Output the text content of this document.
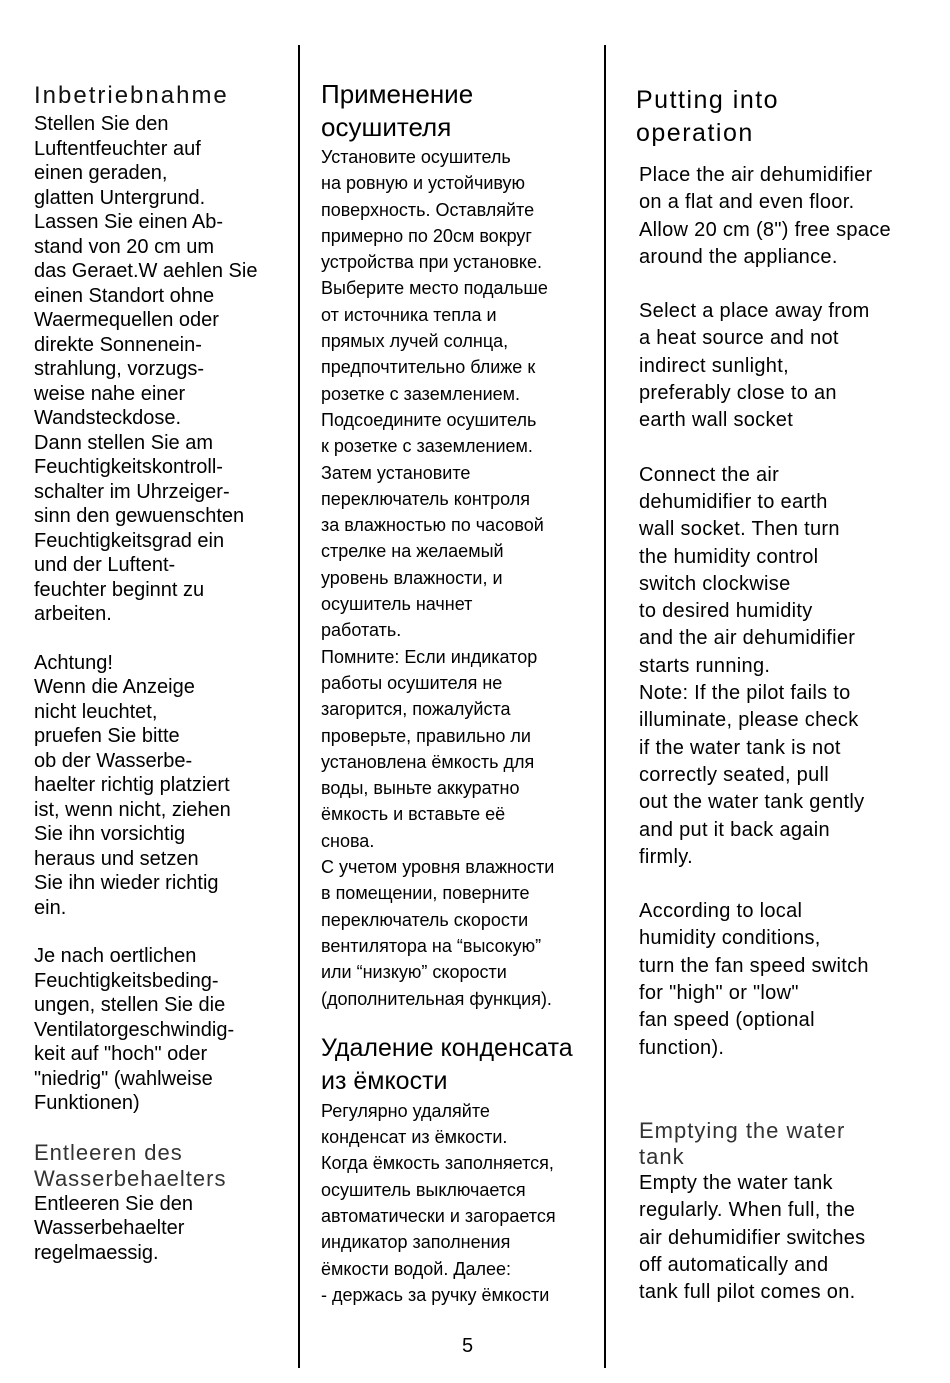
Inbetriebnahme
Stellen Sie den
Luftentfeuchter auf
einen geraden,
glatten Untergrund.
Lassen Sie einen Ab-
stand von 20 cm um
das Geraet.W aehlen Sie
einen Standort ohne
Waermequellen oder
direkte Sonnenein-
strahlung, vorzugs-
weise nahe einer
Wandsteckdose.
Dann stellen Sie am
Feuchtigkeitskontroll-
schalter im Uhrzeiger-
sinn den gewuenschten
Feuchtigkeitsgrad ein
und der Luftent-
feuchter beginnt zu
arbeiten.
Achtung!
Wenn die Anzeige
nicht leuchtet,
pruefen Sie bitte
ob der Wasserbe-
haelter richtig platziert
ist, wenn nicht, ziehen
Sie ihn vorsichtig
heraus und setzen
Sie ihn wieder richtig
ein.
Je nach oertlichen
Feuchtigkeitsbeding-
ungen, stellen Sie die
Ventilatorgeschwindig-
keit auf "hoch" oder
"niedrig" (wahlweise
Funktionen)
Entleeren des
Wasserbehaelters
Entleeren Sie den
Wasserbehaelter
regelmaessig.
Применение
осушителя
Установите осушитель
на ровную и устойчивую
поверхность. Оставляйте
примерно по 20см вокруг
устройства при установке.
Выберите место подальше
от источника тепла и
прямых лучей солнца,
предпочтительно ближе к
розетке с заземлением.
Подсоедините осушитель
к розетке с заземлением.
Затем установите
переключатель контроля
за влажностью по часовой
стрелке на желаемый
уровень влажности, и
осушитель начнет
работать.
Помните: Если индикатор
работы осушителя не
загорится, пожалуйста
проверьте, правильно ли
установлена ёмкость для
воды, выньте аккуратно
ёмкость и вставьте её
снова.
С учетом уровня влажности
в помещении, поверните
переключатель скорости
вентилятора на “высокую”
или “низкую” скорости
(дополнительная функция).
Удаление конденсата
из ёмкости
Регулярно удаляйте
конденсат из ёмкости.
Когда ёмкость заполняется,
осушитель выключается
автоматически и загорается
индикатор заполнения
ёмкости водой. Далее:
- держась за ручку ёмкости
Putting into
operation
Place the air dehumidifier
on a flat and even floor.
Allow 20 cm (8") free space
around the appliance.
Select a place away from
a heat source and not
indirect sunlight,
preferably close to an
earth wall socket
Connect the air
dehumidifier to earth
wall socket. Then turn
the humidity control
switch clockwise
to desired humidity
and the air dehumidifier
starts running.
Note: If the pilot fails to
illuminate, please check
if the water tank is not
correctly seated, pull
out the water tank gently
and put it back again
firmly.
According to local
humidity conditions,
turn the fan speed switch
for "high" or "low"
fan speed (optional
function).
Emptying the water
tank
Empty the water tank
regularly. When full, the
air dehumidifier switches
off automatically and
tank full pilot comes on.
5
